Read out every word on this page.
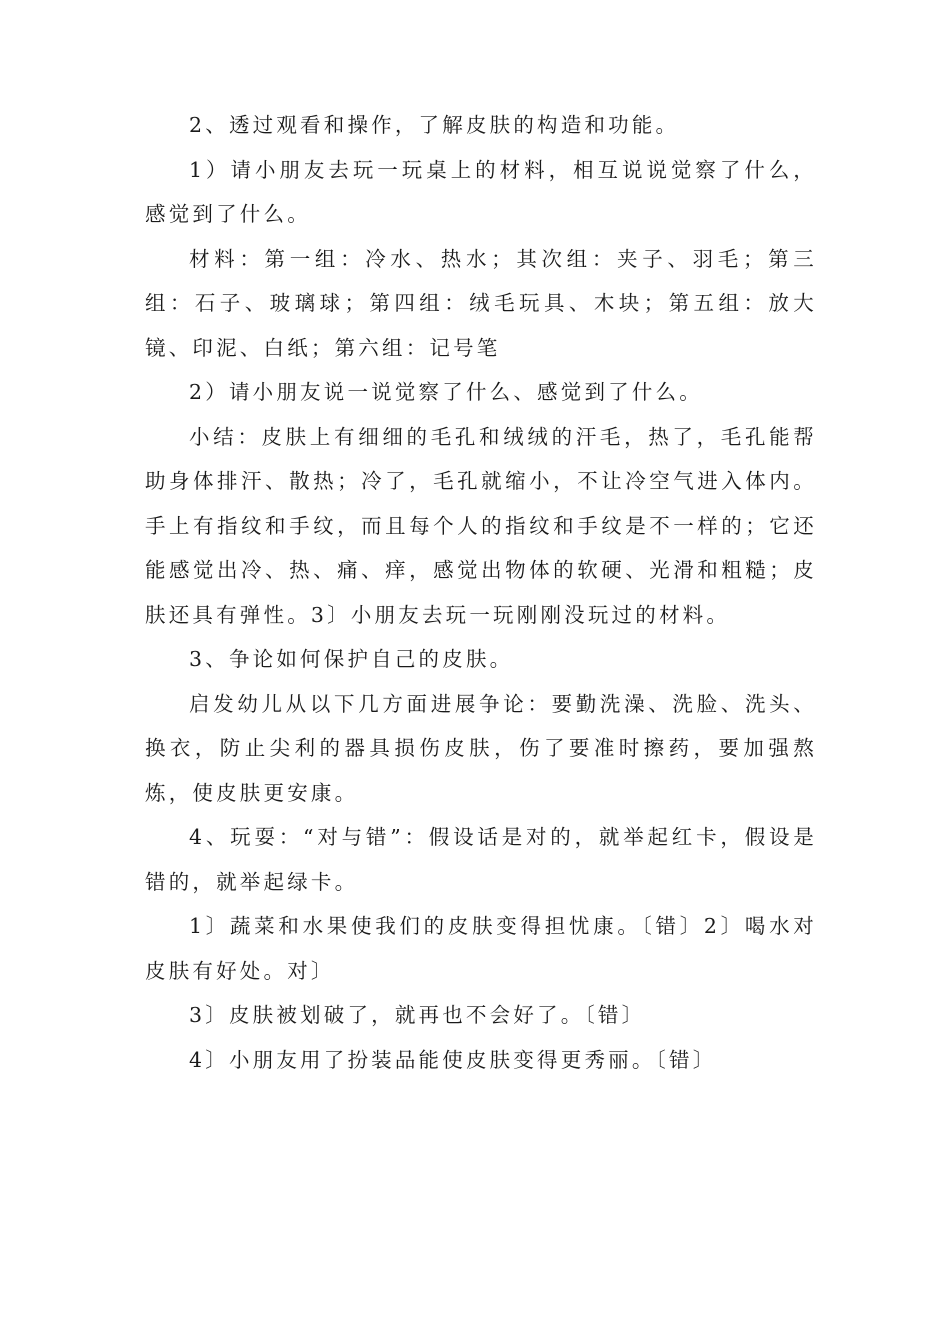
2、透过观看和操作，了解皮肤的构造和功能。

1）请小朋友去玩一玩桌上的材料，相互说说觉察了什么，感觉到了什么。

材料：第一组：冷水、热水；其次组：夹子、羽毛；第三组：石子、玻璃球；第四组：绒毛玩具、木块；第五组：放大镜、印泥、白纸；第六组：记号笔

2）请小朋友说一说觉察了什么、感觉到了什么。

小结：皮肤上有细细的毛孔和绒绒的汗毛，热了，毛孔能帮助身体排汗、散热；冷了，毛孔就缩小，不让冷空气进入体内。手上有指纹和手纹，而且每个人的指纹和手纹是不一样的；它还能感觉出冷、热、痛、痒，感觉出物体的软硬、光滑和粗糙；皮肤还具有弹性。3〕小朋友去玩一玩刚刚没玩过的材料。

3、争论如何保护自己的皮肤。

启发幼儿从以下几方面进展争论：要勤洗澡、洗脸、洗头、换衣，防止尖利的器具损伤皮肤，伤了要准时擦药，要加强熬炼，使皮肤更安康。

4、玩耍：“对与错”：假设话是对的，就举起红卡，假设是错的，就举起绿卡。

1〕蔬菜和水果使我们的皮肤变得担忧康。〔错〕2〕喝水对皮肤有好处。对〕

3〕皮肤被划破了，就再也不会好了。〔错〕

4〕小朋友用了扮装品能使皮肤变得更秀丽。〔错〕
